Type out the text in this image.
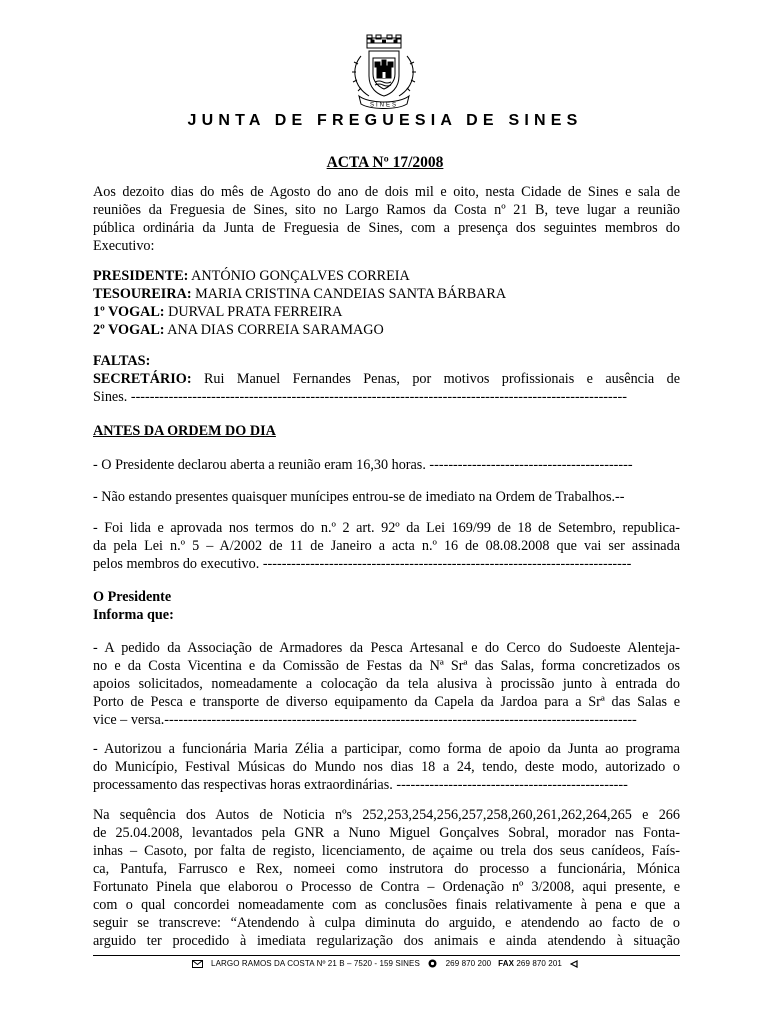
SINES
JUNTA DE FREGUESIA DE SINES
ACTA Nº 17/2008
Aos dezoito dias do mês de Agosto do ano de dois mil e oito, nesta Cidade de Sines e sala de
reuniões da Freguesia de Sines, sito no Largo Ramos da Costa nº 21 B, teve lugar a reunião
pública ordinária da Junta de Freguesia de Sines, com a presença dos seguintes membros do
Executivo:
PRESIDENTE: ANTÓNIO GONÇALVES CORREIA
TESOUREIRA: MARIA CRISTINA CANDEIAS SANTA BÁRBARA
1º VOGAL: DURVAL PRATA FERREIRA
2º VOGAL: ANA DIAS CORREIA SARAMAGO
FALTAS:
SECRETÁRIO: Rui Manuel Fernandes Penas, por motivos profissionais e ausência de
Sines. ---------------------------------------------------------------------------------------------------------
ANTES DA ORDEM DO DIA
- O Presidente declarou aberta a reunião eram 16,30 horas. -------------------------------------------
- Não estando presentes quaisquer munícipes entrou-se de imediato na Ordem de Trabalhos.--
- Foi lida e aprovada nos termos do n.º 2 art. 92º da Lei 169/99 de 18 de Setembro, republica-
da pela Lei n.º 5 – A/2002 de 11 de Janeiro a acta n.º 16 de 08.08.2008 que vai ser assinada
pelos membros do executivo. ------------------------------------------------------------------------------
O Presidente
Informa que:
- A pedido da Associação de Armadores da Pesca Artesanal e do Cerco do Sudoeste Alenteja-
no e da Costa Vicentina e da Comissão de Festas da Nª Srª das Salas, forma concretizados os
apoios solicitados, nomeadamente a colocação da tela alusiva à procissão junto à entrada do
Porto de Pesca e transporte de diverso equipamento da Capela da Jardoa para a Srª das Salas e
vice – versa.----------------------------------------------------------------------------------------------------
- Autorizou a funcionária Maria Zélia a participar, como forma de apoio da Junta ao programa
do Município, Festival Músicas do Mundo nos dias 18 a 24, tendo, deste modo, autorizado o
processamento das respectivas horas extraordinárias. -------------------------------------------------
Na sequência dos Autos de Noticia nºs 252,253,254,256,257,258,260,261,262,264,265 e 266
de 25.04.2008, levantados pela GNR a Nuno Miguel Gonçalves Sobral, morador nas Fonta-
inhas – Casoto, por falta de registo, licenciamento, de açaime ou trela dos seus canídeos, Faís-
ca, Pantufa, Farrusco e Rex, nomeei como instrutora do processo a funcionária, Mónica
Fortunato Pinela que elaborou o Processo de Contra – Ordenação nº 3/2008, aqui presente, e
com o qual concordei nomeadamente com as conclusões finais relativamente à pena e que a
seguir se transcreve: “Atendendo à culpa diminuta do arguido, e atendendo ao facto de o
arguido ter procedido à imediata regularização dos animais e ainda atendendo à situação
LARGO RAMOS DA COSTA Nº 21 B – 7520 - 159 SINES	269 870 200 FAX 269 870 201
